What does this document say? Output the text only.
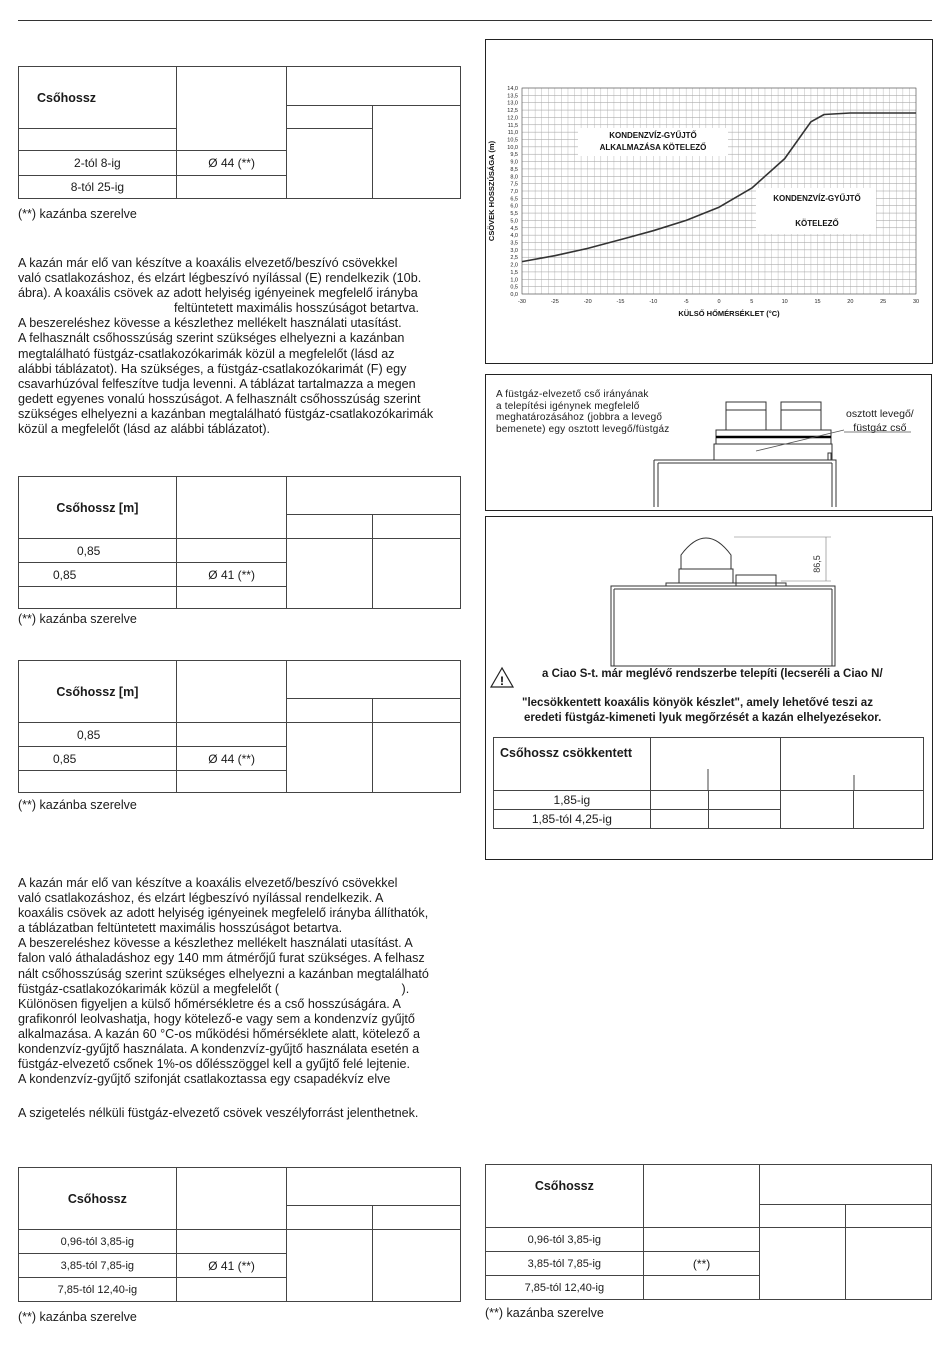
Csőhossz			

2-tól 8-ig	Ø 44 (**)		
8-tól 25-ig			
(**) kazánba szerelve
A kazán már elő van készítve a koaxális elvezető/beszívó csövekkel
való csatlakozáshoz, és elzárt légbeszívó nyílással (E) rendelkezik (10b.
ábra). A koaxális csövek az adott helyiség igényeinek megfelelő irányba
feltüntetett maximális hosszúságot betartva.
A beszereléshez kövesse a készlethez mellékelt használati utasítást.
A felhasznált csőhosszúság szerint szükséges elhelyezni a kazánban
megtalálható füstgáz-csatlakozókarimák közül a megfelelőt (lásd az
alábbi táblázatot). Ha szükséges, a füstgáz-csatlakozókarimát (F) egy
csavarhúzóval felfeszítve tudja levenni. A táblázat tartalmazza a megen
gedett egyenes vonalú hosszúságot. A felhasznált csőhosszúság szerint
szükséges elhelyezni a kazánban megtalálható füstgáz-csatlakozókarimák
közül a megfelelőt (lásd az alábbi táblázatot).
Csőhossz [m]			

0,85			
0,85	Ø 41 (**)		

(**) kazánba szerelve
Csőhossz [m]			

0,85			
0,85	Ø 44 (**)		

(**) kazánba szerelve
A kazán már elő van készítve a koaxális elvezető/beszívó csövekkel
való csatlakozáshoz, és elzárt légbeszívó nyílással rendelkezik. A
koaxális csövek az adott helyiség igényeinek megfelelő irányba állíthatók,
a táblázatban feltüntetett maximális hosszúságot betartva.
A beszereléshez kövesse a készlethez mellékelt használati utasítást. A
falon való áthaladáshoz egy 140 mm átmérőjű furat szükséges. A felhasz
nált csőhosszúság szerint szükséges elhelyezni a kazánban megtalálható
füstgáz-csatlakozókarimák közül a megfelelőt (                                   ).
Különösen figyeljen a külső hőmérsékletre és a cső hosszúságára. A
grafikonról leolvashatja, hogy kötelező-e vagy sem a kondenzvíz gyűjtő
alkalmazása. A kazán 60 °C-os működési hőmérséklete alatt, kötelező a
kondenzvíz-gyűjtő használata. A kondenzvíz-gyűjtő használata esetén a
füstgáz-elvezető csőnek 1%-os dőlésszöggel kell a gyűjtő felé lejtenie.
A kondenzvíz-gyűjtő szifonját csatlakoztassa egy csapadékvíz elve
A szigetelés nélküli füstgáz-elvezető csövek veszélyforrást jelenthetnek.
Csőhossz			

0,96-tól 3,85-ig			
3,85-tól 7,85-ig	Ø 41 (**)		
7,85-tól 12,40-ig			
(**) kazánba szerelve
Csőhossz			

0,96-tól 3,85-ig			
3,85-tól 7,85-ig	(**)		
7,85-tól 12,40-ig			
(**) kazánba szerelve
0,0
0,5
1,0
1,5
2,0
2,5
3,0
3,5
4,0
4,5
5,0
5,5
6,0
6,5
7,0
7,5
8,0
8,5
9,0
9,5
10,0
10,5
11,0
11,5
12,0
12,5
13,0
13,5
14,0
-30	-25	-20	-15	-10	-5	0	5	10	15	20	25	30
KÜLSŐ HŐMÉRSÉKLET (°C)
CSÖVEK HOSSZÚSÁGA (m)
KONDENZVÍZ-GYŰJTŐ
ALKALMAZÁSA KÖTELEZŐ
KONDENZVÍZ-GYŰJTŐ
KÖTELEZŐ
A füstgáz-elvezető cső irányának
a telepítési igénynek megfelelő
meghatározásához (jobbra a levegő
bemenete) egy osztott levegő/füstgáz
osztott levegő/
füstgáz cső
86,5
!	a Ciao S-t. már meglévő rendszerbe telepíti (lecseréli a Ciao N/
"lecsökkentett koaxális könyök készlet", amely lehetővé teszi az
eredeti füstgáz-kimeneti lyuk megőrzését a kazán elhelyezésekor.
Csőhossz csökkentett				

1,85-ig				
1,85-tól 4,25-ig				
